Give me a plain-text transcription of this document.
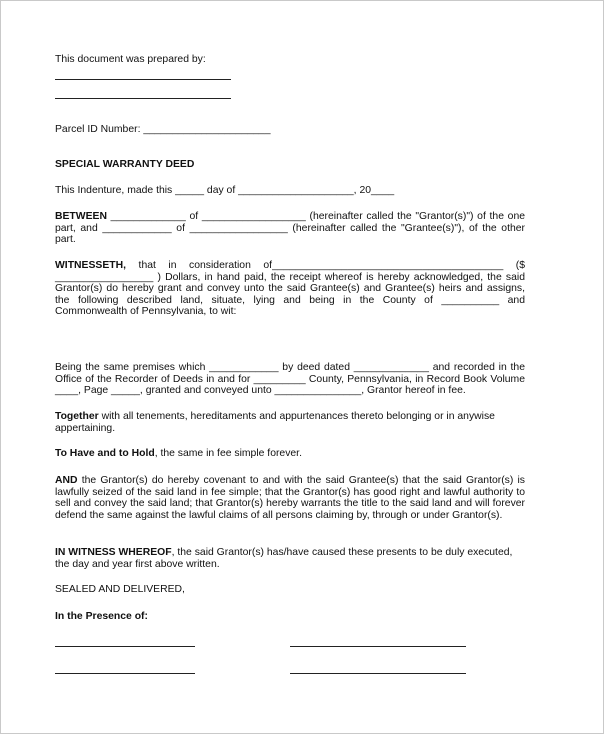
This document was prepared by:

Parcel ID Number: ______________________

SPECIAL WARRANTY DEED

This Indenture, made this _____ day of ____________________, 20____

BETWEEN _____________ of __________________ (hereinafter called the "Grantor(s)") of the one part, and ____________ of _________________ (hereinafter called the "Grantee(s)"), of the other part.

WITNESSETH, that in consideration of________________________________________ ($ _________________ ) Dollars, in hand paid, the receipt whereof is hereby acknowledged, the said Grantor(s) do hereby grant and convey unto the said Grantee(s) and Grantee(s) heirs and assigns, the following described land, situate, lying and being in the County of __________ and Commonwealth of Pennsylvania, to wit:

Being the same premises which ____________ by deed dated _____________ and recorded in the Office of the Recorder of Deeds in and for _________ County, Pennsylvania, in Record Book Volume ____, Page _____, granted and conveyed unto _______________, Grantor hereof in fee.

Together with all tenements, hereditaments and appurtenances thereto belonging or in anywise appertaining.

To Have and to Hold, the same in fee simple forever.

AND the Grantor(s) do hereby covenant to and with the said Grantee(s) that the said Grantor(s) is lawfully seized of the said land in fee simple; that the Grantor(s) has good right and lawful authority to sell and convey the said land; that Grantor(s) hereby warrants the title to the said land and will forever defend the same against the lawful claims of all persons claiming by, through or under Grantor(s).

IN WITNESS WHEREOF, the said Grantor(s) has/have caused these presents to be duly executed, the day and year first above written.

SEALED AND DELIVERED,

In the Presence of:
